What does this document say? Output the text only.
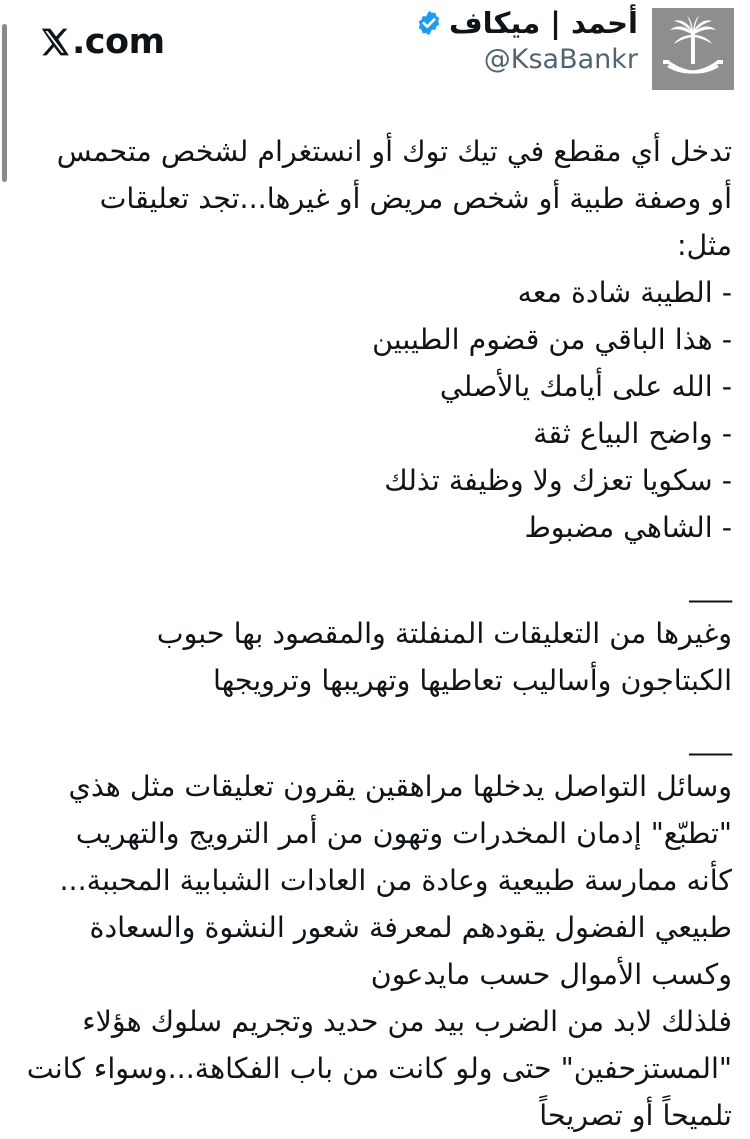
.com	أحمد | ميكاف
@KsaBankr
تدخل أي مقطع في تيك توك أو انستغرام لشخص متحمس
أو وصفة طبية أو شخص مريض أو غيرها...تجد تعليقات
مثل:
- الطيبة شادة معه
- هذا الباقي من قضوم الطيبين
- الله على أيامك يالأصلي
- واضح البياع ثقة
- سكويا تعزك ولا وظيفة تذلك
- الشاهي مضبوط
___
وغيرها من التعليقات المنفلتة والمقصود بها حبوب
الكبتاجون وأساليب تعاطيها وتهريبها وترويجها
___
وسائل التواصل يدخلها مراهقين يقرون تعليقات مثل هذي
"تطبّع" إدمان المخدرات وتهون من أمر الترويج والتهريب
كأنه ممارسة طبيعية وعادة من العادات الشبابية المحببة...
طبيعي الفضول يقودهم لمعرفة شعور النشوة والسعادة
وكسب الأموال حسب مايدعون
فلذلك لابد من الضرب بيد من حديد وتجريم سلوك هؤلاء
"المستزحفين" حتى ولو كانت من باب الفكاهة...وسواء كانت
تلميحاً أو تصريحاً
